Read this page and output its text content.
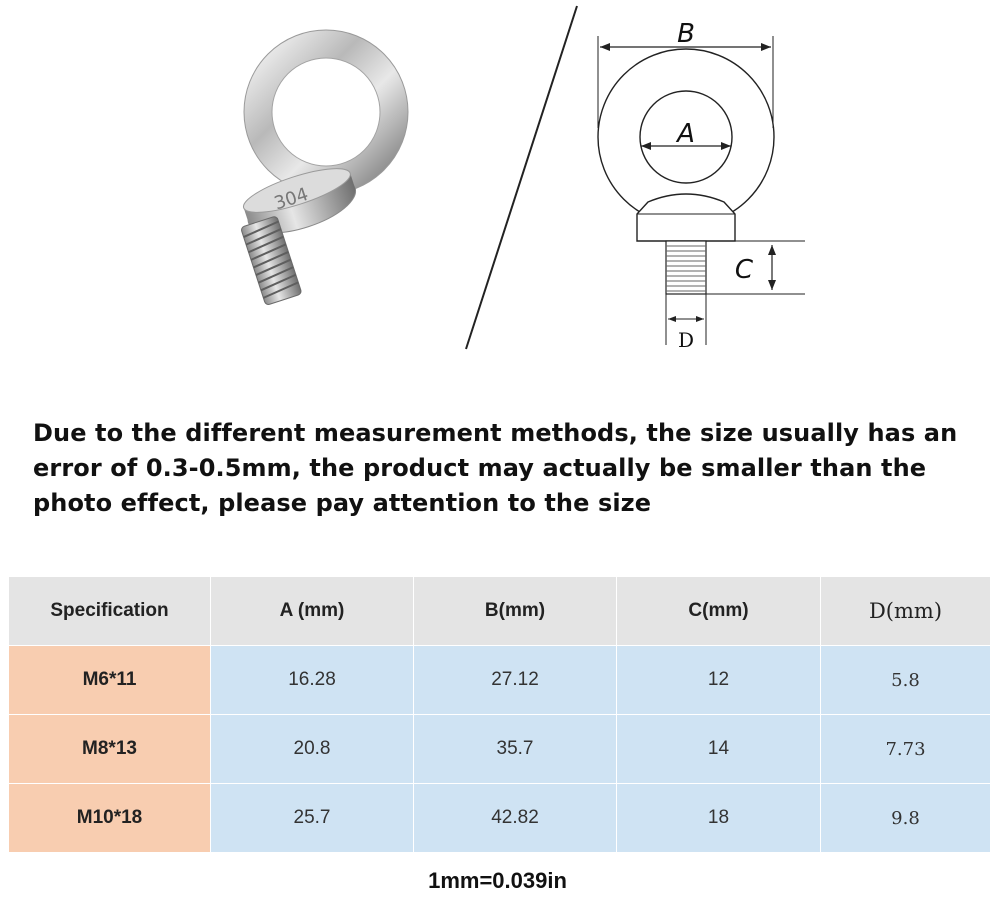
304
B
A
C
D
Due to the different measurement methods, the size usually has an error of 0.3-0.5mm, the product may actually be smaller than the photo effect, please pay attention to the size
Specification	A (mm)	B(mm)	C(mm)	D(mm)
M6*11	16.28	27.12	12	5.8
M8*13	20.8	35.7	14	7.73
M10*18	25.7	42.82	18	9.8
1mm=0.039in
